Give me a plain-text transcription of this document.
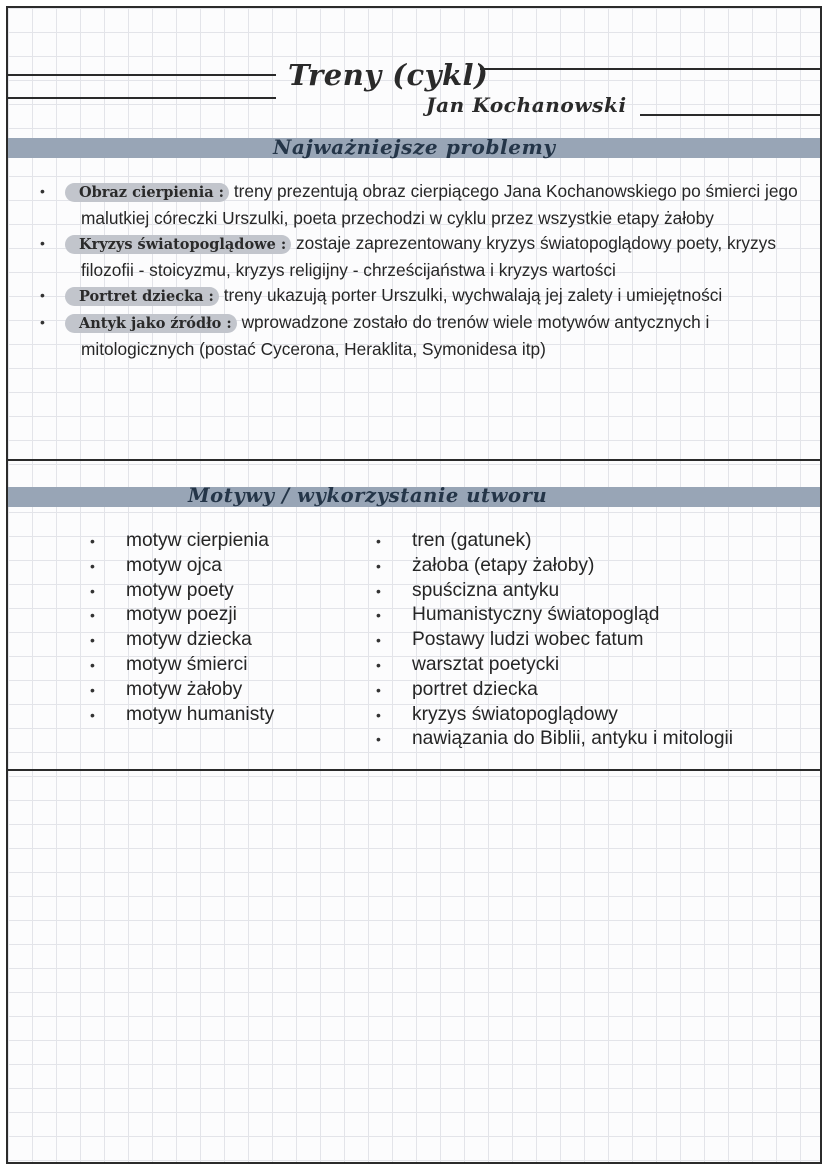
Treny (cykl)
Jan Kochanowski
Najważniejsze problemy
• Obraz cierpienia : treny prezentują obraz cierpiącego Jana Kochanowskiego po śmierci jego malutkiej córeczki Urszulki, poeta przechodzi w cyklu przez wszystkie etapy żałoby
• Kryzys światopoglądowe : zostaje zaprezentowany kryzys światopoglądowy poety, kryzys filozofii - stoicyzmu, kryzys religijny - chrześcijaństwa i kryzys wartości
• Portret dziecka : treny ukazują porter Urszulki, wychwalają jej zalety i umiejętności
• Antyk jako źródło : wprowadzone zostało do trenów wiele motywów antycznych i mitologicznych (postać Cycerona, Heraklita, Symonidesa itp)
Motywy / wykorzystanie utworu
• motyw cierpienia
• motyw ojca
• motyw poety
• motyw poezji
• motyw dziecka
• motyw śmierci
• motyw żałoby
• motyw humanisty
• tren (gatunek)
• żałoba (etapy żałoby)
• spuścizna antyku
• Humanistyczny światopogląd
• Postawy ludzi wobec fatum
• warsztat poetycki
• portret dziecka
• kryzys światopoglądowy
• nawiązania do Biblii, antyku i mitologii
